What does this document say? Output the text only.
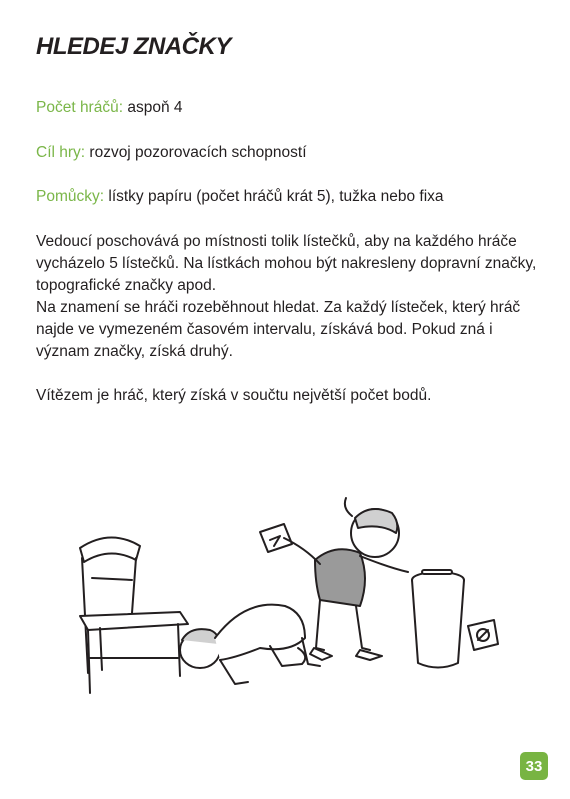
HLEDEJ ZNAČKY
Počet hráčů: aspoň 4
Cíl hry: rozvoj pozorovacích schopností
Pomůcky: lístky papíru (počet hráčů krát 5), tužka nebo fixa

Vedoucí poschovává po místnosti tolik lístečků, aby na každého hráče vycházelo 5 lístečků. Na lístkách mohou být nakresleny dopravní značky, topografické značky apod.

Na znamení se hráči rozeběhnout hledat. Za každý lísteček, který hráč najde ve vymezeném časovém intervalu, získává bod. Pokud zná i význam značky, získá druhý.

Vítězem je hráč, který získá v součtu největší počet bodů.

33
